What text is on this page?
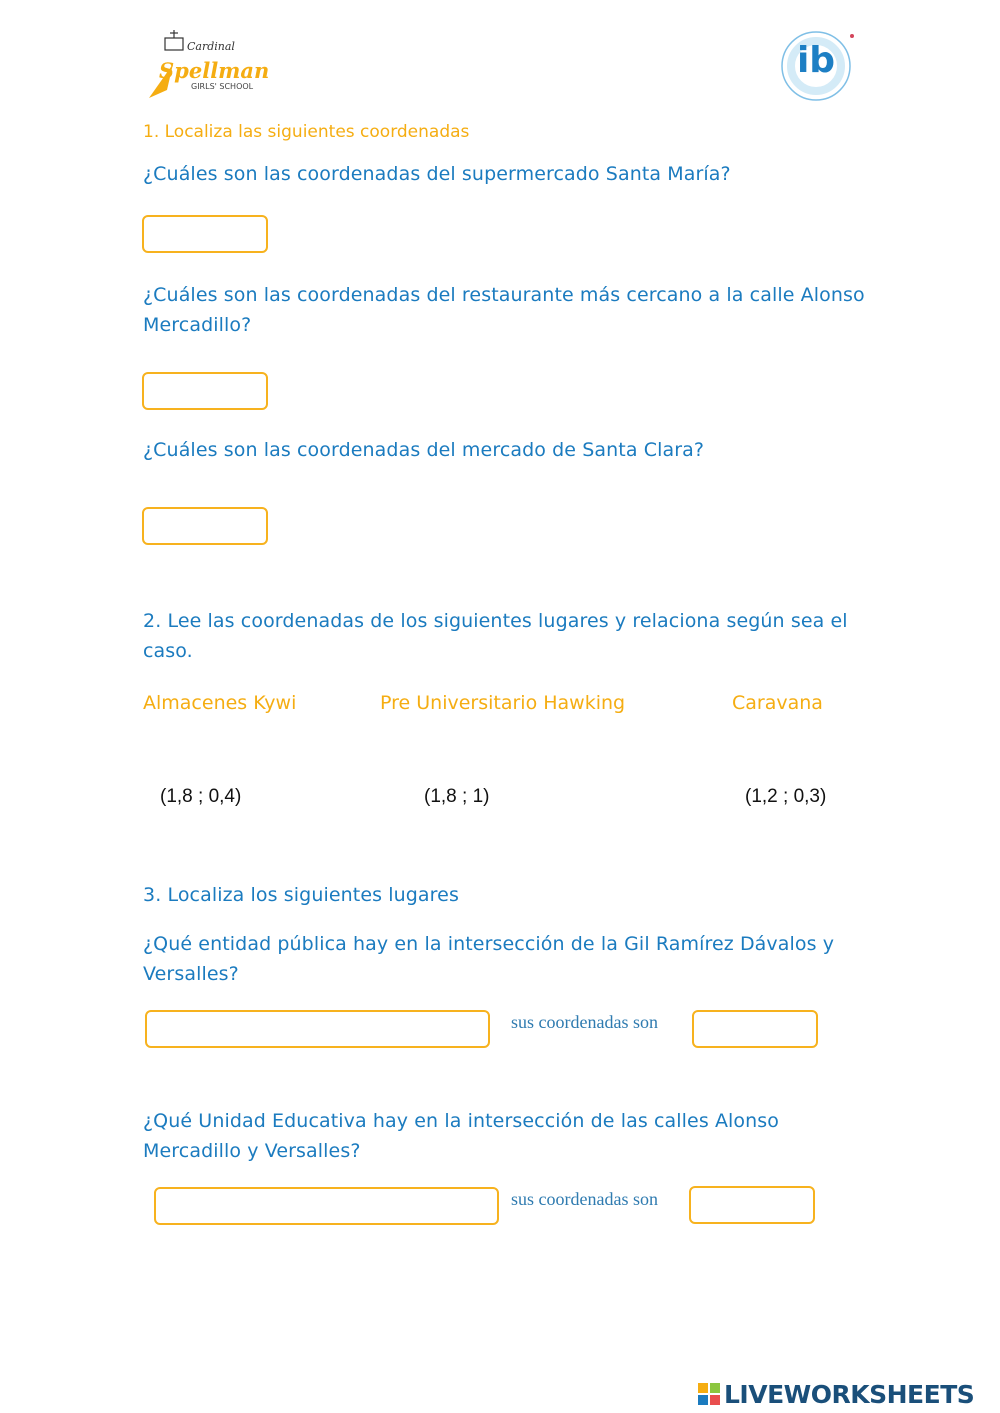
Cardinal
Spellman
GIRLS' SCHOOL
ib
1. Localiza las siguientes coordenadas
¿Cuáles son las coordenadas del supermercado Santa María?
¿Cuáles son las coordenadas del restaurante más cercano a la calle Alonso
Mercadillo?
¿Cuáles son las coordenadas del mercado de Santa Clara?
2. Lee las coordenadas de los siguientes lugares y relaciona según sea el
caso.
Almacenes Kywi	Pre Universitario Hawking	Caravana
(1,8 ; 0,4)	(1,8 ; 1)	(1,2 ; 0,3)
3. Localiza los siguientes lugares
¿Qué entidad pública hay en la intersección de la Gil Ramírez Dávalos y
Versalles?
sus coordenadas son
¿Qué Unidad Educativa hay en la intersección de las calles Alonso
Mercadillo y Versalles?
sus coordenadas son
LIVEWORKSHEETS
